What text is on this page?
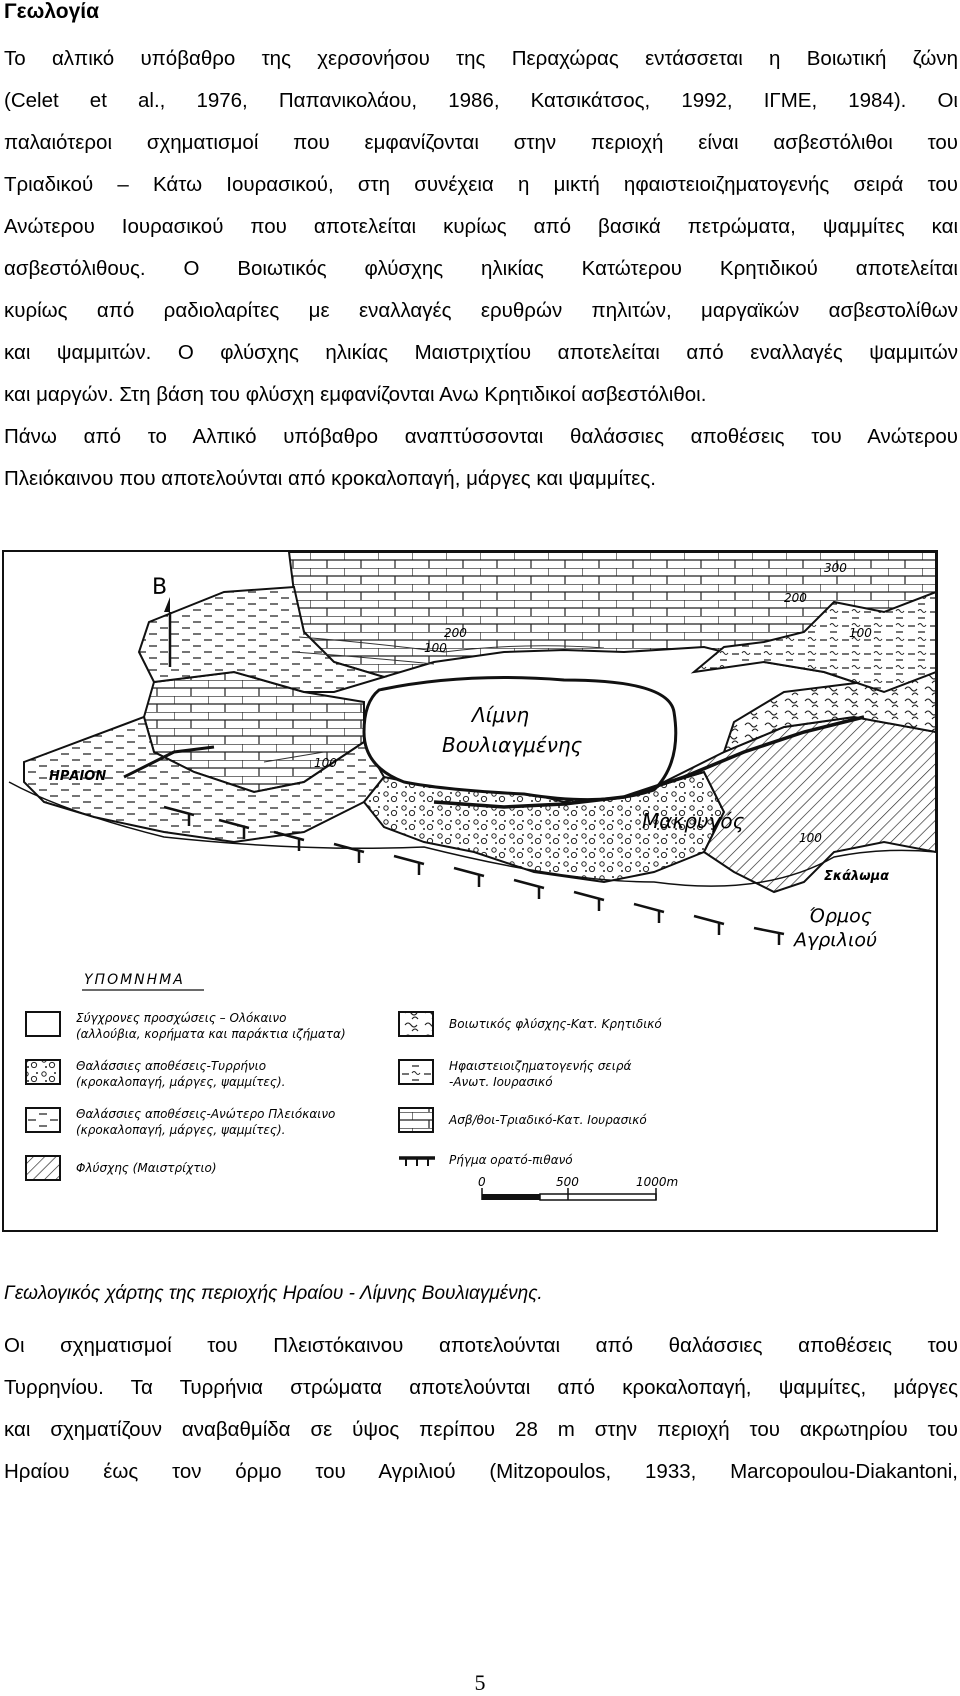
Γεωλογία
Το αλπικό υπόβαθρο της χερσονήσου της Περαχώρας εντάσσεται η Βοιωτική ζώνη
(Celet et al., 1976, Παπανικολάου, 1986, Κατσικάτσος, 1992, ΙΓΜΕ, 1984). Οι
παλαιότεροι σχηματισμοί που εμφανίζονται στην περιοχή είναι ασβεστόλιθοι του
Τριαδικού – Κάτω Ιουρασικού, στη συνέχεια η μικτή ηφαιστειοιζηματογενής σειρά του
Ανώτερου Ιουρασικού που αποτελείται κυρίως από βασικά πετρώματα, ψαμμίτες και
ασβεστόλιθους. Ο Βοιωτικός φλύσχης ηλικίας Κατώτερου Κρητιδικού αποτελείται
κυρίως από ραδιολαρίτες με εναλλαγές ερυθρών πηλιτών, μαργαϊκών ασβεστολίθων
και ψαμμιτών. Ο φλύσχης ηλικίας Μαιστριχτίου αποτελείται από εναλλαγές ψαμμιτών
και μαργών. Στη βάση του φλύσχη εμφανίζονται Ανω Κρητιδικοί ασβεστόλιθοι.
Πάνω από το Αλπικό υπόβαθρο αναπτύσσονται θαλάσσιες αποθέσεις του Ανώτερου
Πλειόκαινου που αποτελούνται από κροκαλοπαγή, μάργες και ψαμμίτες.
Β
ΗΡΑΙΟΝ
Λίμνη
Βουλιαγμένης
Μακρυγός
Σκάλωμα
Όρμος
Αγριλιού
300
200
100
200
100
100
100
ΥΠΟΜΝΗΜΑ
Σύγχρονες προσχώσεις – Ολόκαινο
(αλλούβια, κορήματα και παράκτια ιζήματα)
Θαλάσσιες αποθέσεις-Τυρρήνιο
(κροκαλοπαγή, μάργες, ψαμμίτες).
Θαλάσσιες αποθέσεις-Ανώτερο Πλειόκαινο
(κροκαλοπαγή, μάργες, ψαμμίτες).
Φλύσχης (Μαιστρίχτιο)
Βοιωτικός φλύσχης-Κατ. Κρητιδικό
Ηφαιστειοιζηματογενής σειρά
-Ανωτ. Ιουρασικό
Ασβ/θοι-Τριαδικό-Κατ. Ιουρασικό
Ρήγμα ορατό-πιθανό
0	500	1000m
Γεωλογικός χάρτης της περιοχής Ηραίου - Λίμνης Βουλιαγμένης.
Οι σχηματισμοί του Πλειστόκαινου αποτελούνται από θαλάσσιες αποθέσεις του
Τυρρηνίου. Τα Τυρρήνια στρώματα αποτελούνται από κροκαλοπαγή, ψαμμίτες, μάργες
και σχηματίζουν αναβαθμίδα σε ύψος περίπου 28 m στην περιοχή του ακρωτηρίου του
Ηραίου έως τον όρμο του Αγριλιού (Mitzopoulos, 1933, Marcopoulou-Diakantoni,
5
